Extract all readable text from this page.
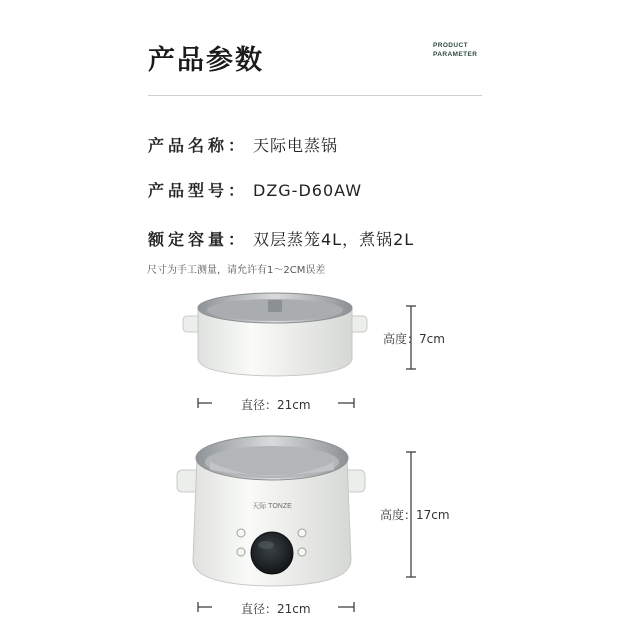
产品参数	PRODUCT
PARAMETER
产品名称： 天际电蒸锅
产品型号： DZG-D60AW
额定容量： 双层蒸笼4L，煮锅2L
尺寸为手工测量，请允许有1～2CM误差
天际 TONZE
高度：7cm
直径：21cm
高度：17cm
直径：21cm
